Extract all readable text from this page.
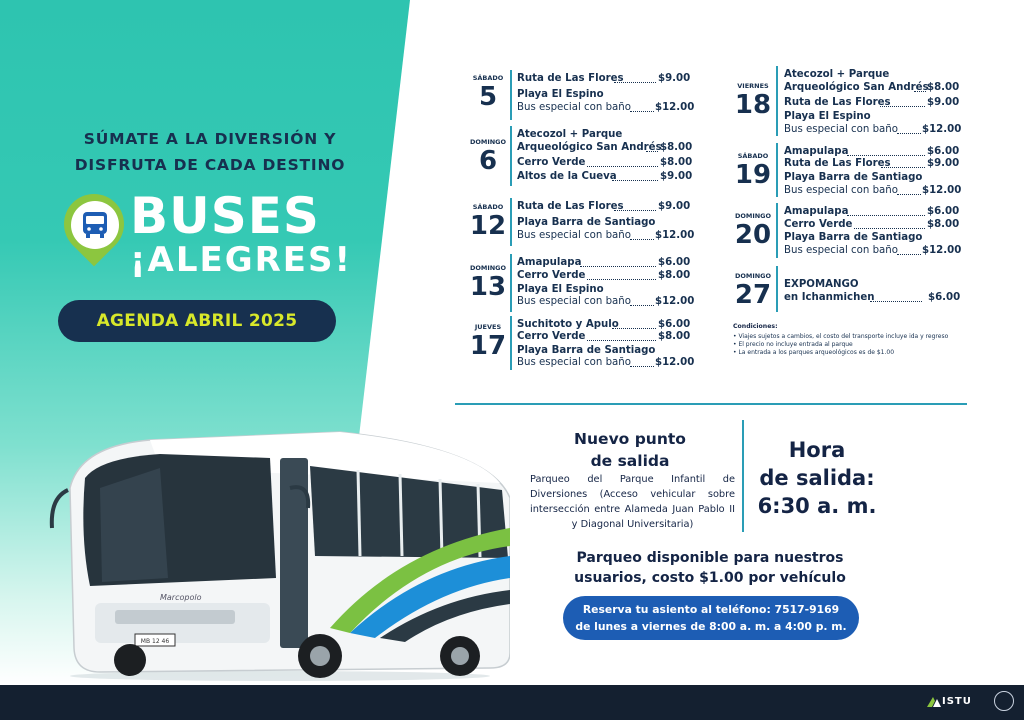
SÚMATE A LA DIVERSIÓN Y
DISFRUTA DE CADA DESTINO
BUSES
¡ALEGRES!
AGENDA ABRIL 2025
MB 12 46
Marcopolo
SÁBADO
5
Ruta de Las Flores	$9.00
Playa El Espino
Bus especial con baño $12.00
DOMINGO
6
Atecozol + Parque
Arqueológico San Andrés
$8.00
Cerro Verde	$8.00
Altos de la Cueva	$9.00
SÁBADO
12
Ruta de Las Flores	$9.00
Playa Barra de Santiago
Bus especial con baño $12.00
DOMINGO
13
Amapulapa	$6.00
Cerro Verde	$8.00
Playa El Espino
Bus especial con baño $12.00
JUEVES
17
Suchitoto y Apulo	$6.00
Cerro Verde	$8.00
Playa Barra de Santiago
Bus especial con baño $12.00
VIERNES
18
Atecozol + Parque
Arqueológico San Andrés
$8.00
Ruta de Las Flores	$9.00
Playa El Espino
Bus especial con baño $12.00
SÁBADO
19
Amapulapa	$6.00
Ruta de Las Flores	$9.00
Playa Barra de Santiago
Bus especial con baño $12.00
DOMINGO
20
Amapulapa	$6.00
Cerro Verde	$8.00
Playa Barra de Santiago
Bus especial con baño $12.00
DOMINGO
27	EXPOMANGO
en Ichanmichen	$6.00
Condiciones:
• Viajes sujetos a cambios, el costo del transporte incluye ida y regreso
• El precio no incluye entrada al parque
• La entrada a los parques arqueológicos es de $1.00
Nuevo punto
de salida
Parqueo del Parque Infantil de Diversiones (Acceso vehicular sobre intersección entre Alameda Juan Pablo II y Diagonal Universitaria)
Hora
de salida:
6:30 a. m.
Parqueo disponible para nuestros
usuarios, costo $1.00 por vehículo
Reserva tu asiento al teléfono: 7517-9169
de lunes a viernes de 8:00 a. m. a 4:00 p. m.
ISTU
